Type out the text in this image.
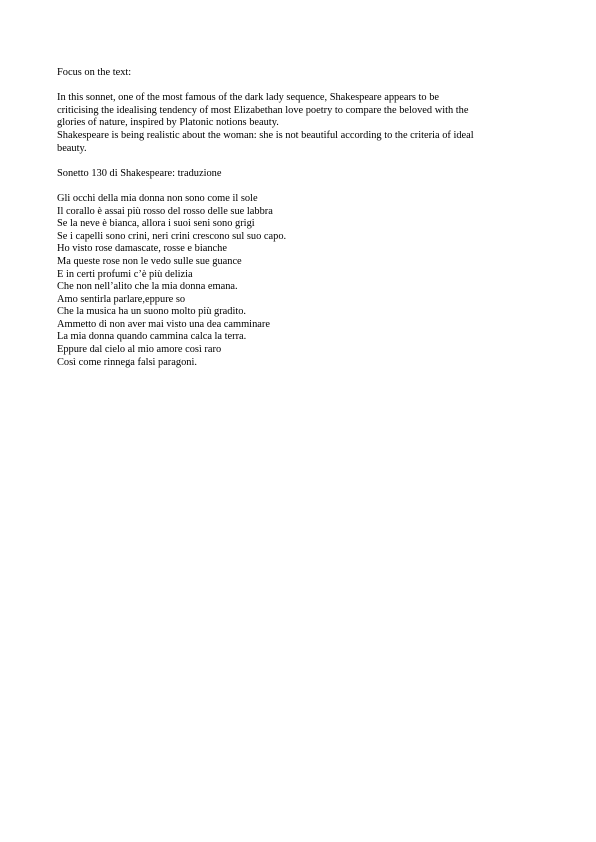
Focus on the text:

In this sonnet, one of the most famous of the dark lady sequence, Shakespeare appears to be
criticising the idealising tendency of most Elizabethan love poetry to compare the beloved with the
glories of nature, inspired by Platonic notions beauty.
Shakespeare is being realistic about the woman: she is not beautiful according to the criteria of ideal
beauty.

Sonetto 130 di Shakespeare: traduzione

Gli occhi della mia donna non sono come il sole
Il corallo è assai più rosso del rosso delle sue labbra
Se la neve è bianca, allora i suoi seni sono grigi
Se i capelli sono crini, neri crini crescono sul suo capo.
Ho visto rose damascate, rosse e bianche
Ma queste rose non le vedo sulle sue guance
E in certi profumi c’è più delizia
Che non nell’alito che la mia donna emana.
Amo sentirla parlare,eppure so
Che la musica ha un suono molto più gradito.
Ammetto di non aver mai visto una dea camminare
La mia donna quando cammina calca la terra.
Eppure dal cielo al mio amore così raro
Così come rinnega falsi paragoni.
